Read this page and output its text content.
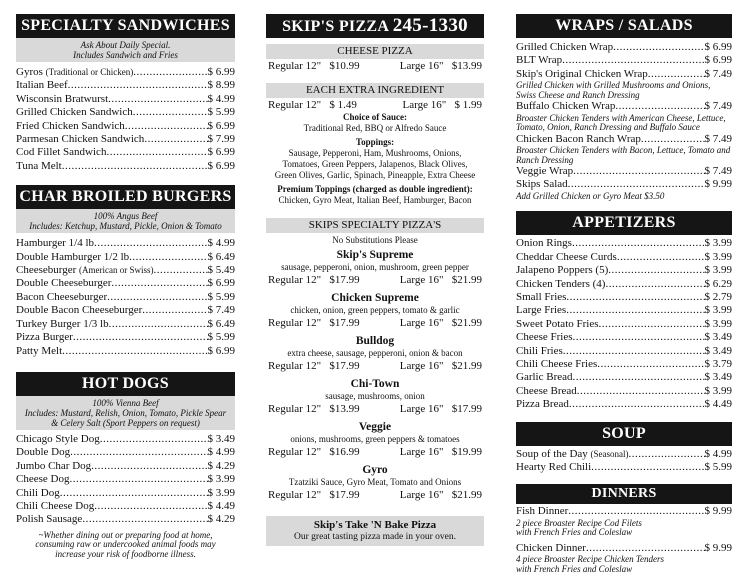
SPECIALTY SANDWICHES
Ask About Daily Special.
Includes Sandwich and Fries
Gyros (Traditional or Chicken) .....	$ 6.99
Italian Beef .....	$ 8.99
Wisconsin Bratwurst .....	$ 4.99
Grilled Chicken Sandwich .....	$ 5.99
Fried Chicken Sandwich .....	$ 6.99
Parmesan Chicken Sandwich .....	$ 7.99
Cod Fillet Sandwich .....	$ 6.99
Tuna Melt .....	$ 6.99
CHAR BROILED BURGERS
100% Angus Beef
Includes: Ketchup, Mustard, Pickle, Onion & Tomato
Hamburger 1/4 lb .....	$ 4.99
Double Hamburger 1/2 lb .....	$ 6.49
Cheeseburger (American or Swiss) .....	$ 5.49
Double Cheeseburger .....	$ 6.99
Bacon Cheeseburger .....	$ 5.99
Double Bacon Cheeseburger .....	$ 7.49
Turkey Burger 1/3 lb .....	$ 6.49
Pizza Burger .....	$ 5.99
Patty Melt .....	$ 6.99
HOT DOGS
100% Vienna Beef
Includes: Mustard, Relish, Onion, Tomato, Pickle Spear
& Celery Salt (Sport Peppers on request)
Chicago Style Dog .....	$ 3.49
Double Dog .....	$ 4.99
Jumbo Char Dog .....	$ 4.29
Cheese Dog .....	$ 3.99
Chili Dog .....	$ 3.99
Chili Cheese Dog .....	$ 4.49
Polish Sausage .....	$ 4.29
~Whether dining out or preparing food at home,
consuming raw or undercooked animal foods may
increase your risk of foodborne illness.
SKIP'S PIZZA 245-1330
CHEESE PIZZA
Regular 12" $10.99	Large 16" $13.99
EACH EXTRA INGREDIENT
Regular 12" $ 1.49	Large 16" $ 1.99
Choice of Sauce:
Traditional Red, BBQ or Alfredo Sauce
Toppings:
Sausage, Pepperoni, Ham, Mushrooms, Onions,
Tomatoes, Green Peppers, Jalapenos, Black Olives,
Green Olives, Garlic, Spinach, Pineapple, Extra Cheese
Premium Toppings (charged as double ingredient):
Chicken, Gyro Meat, Italian Beef, Hamburger, Bacon
SKIPS SPECIALTY PIZZA'S
No Substitutions Please
Skip's Supreme
sausage, pepperoni, onion, mushroom, green pepper
Regular 12" $17.99	Large 16" $21.99
Chicken Supreme
chicken, onion, green peppers, tomato & garlic
Regular 12" $17.99	Large 16" $21.99
Bulldog
extra cheese, sausage, pepperoni, onion & bacon
Regular 12" $17.99	Large 16" $21.99
Chi-Town
sausage, mushrooms, onion
Regular 12" $13.99	Large 16" $17.99
Veggie
onions, mushrooms, green peppers & tomatoes
Regular 12" $16.99	Large 16" $19.99
Gyro
Tzatziki Sauce, Gyro Meat, Tomato and Onions
Regular 12" $17.99	Large 16" $21.99
Skip's Take 'N Bake Pizza
Our great tasting pizza made in your oven.
WRAPS / SALADS
Grilled Chicken Wrap .....	$ 6.99
BLT Wrap .....	$ 6.99
Skip's Original Chicken Wrap .....	$ 7.49
Grilled Chicken with Grilled Mushrooms and Onions, Swiss Cheese and Ranch Dressing
Buffalo Chicken Wrap .....	$ 7.49
Broaster Chicken Tenders with American Cheese, Lettuce, Tomato, Onion, Ranch Dressing and Buffalo Sauce
Chicken Bacon Ranch Wrap .....	$ 7.49
Broaster Chicken Tenders with Bacon, Lettuce, Tomato and Ranch Dressing
Veggie Wrap .....	$ 7.49
Skips Salad .....	$ 9.99
Add Grilled Chicken or Gyro Meat $3.50
APPETIZERS
Onion Rings .....	$ 3.99
Cheddar Cheese Curds .....	$ 3.99
Jalapeno Poppers (5) .....	$ 3.99
Chicken Tenders (4) .....	$ 6.29
Small Fries .....	$ 2.79
Large Fries .....	$ 3.99
Sweet Potato Fries .....	$ 3.99
Cheese Fries .....	$ 3.49
Chili Fries .....	$ 3.49
Chili Cheese Fries .....	$ 3.79
Garlic Bread .....	$ 3.49
Cheese Bread .....	$ 3.99
Pizza Bread .....	$ 4.49
SOUP
Soup of the Day (Seasonal) .....	$ 4.99
Hearty Red Chili .....	$ 5.99
DINNERS
Fish Dinner .....	$ 9.99
2 piece Broaster Recipe Cod Filets
with French Fries and Coleslaw
Chicken Dinner .....	$ 9.99
4 piece Broaster Recipe Chicken Tenders
with French Fries and Coleslaw
